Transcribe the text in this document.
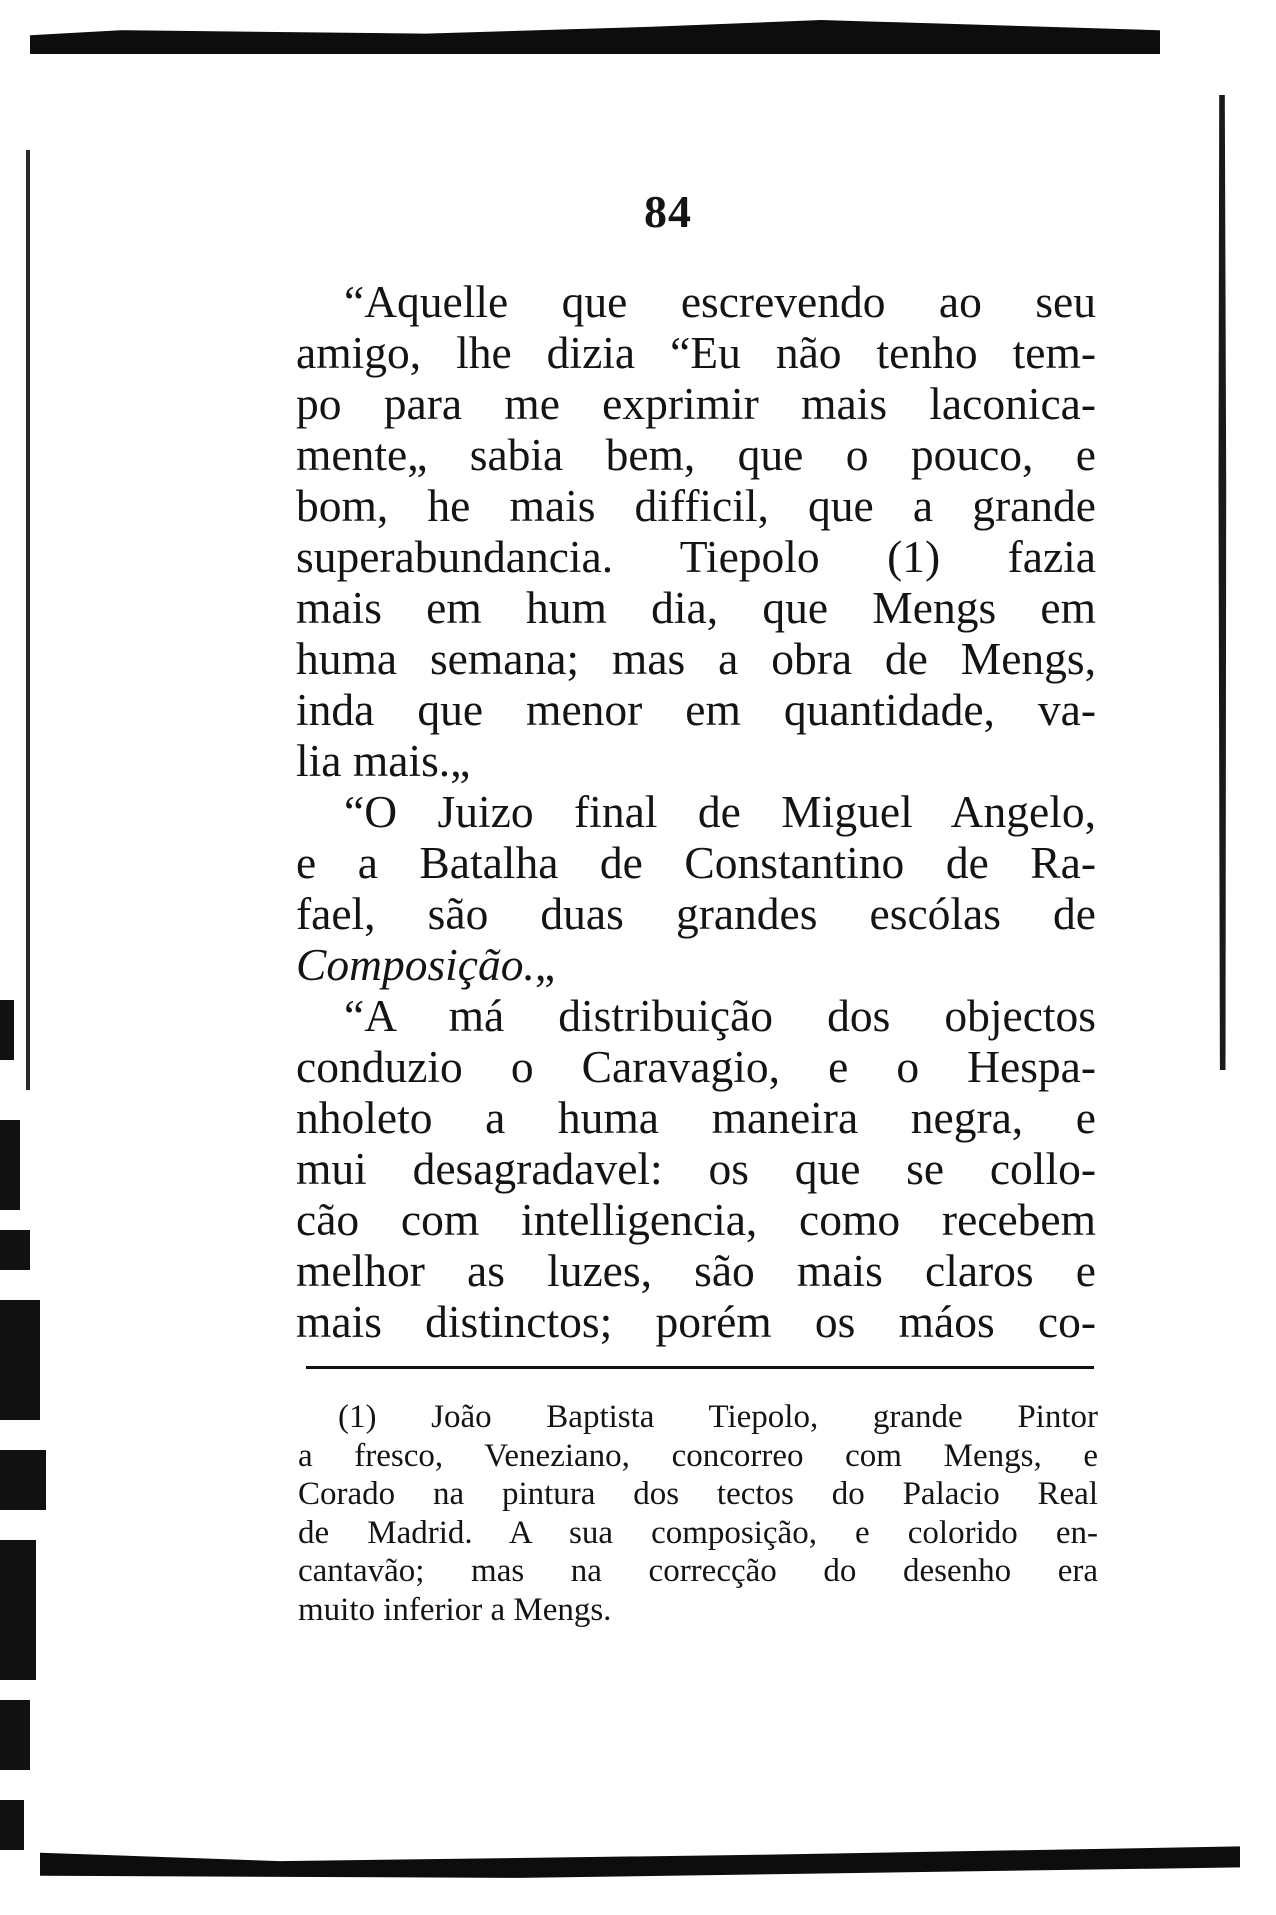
84
“Aquelle que escrevendo ao seu
amigo, lhe dizia “Eu não tenho tem-
po para me exprimir mais laconica-
mente„ sabia bem, que o pouco, e
bom, he mais difficil, que a grande
superabundancia. Tiepolo (1) fazia
mais em hum dia, que Mengs em
huma semana; mas a obra de Mengs,
inda que menor em quantidade, va-
lia mais.„
“O Juizo final de Miguel Angelo,
e a Batalha de Constantino de Ra-
fael, são duas grandes escólas de
Composição.„
“A má distribuição dos objectos
conduzio o Caravagio, e o Hespa-
nholeto a huma maneira negra, e
mui desagradavel: os que se collo-
cão com intelligencia, como recebem
melhor as luzes, são mais claros e
mais distinctos; porém os máos co-
(1) João Baptista Tiepolo, grande Pintor
a fresco, Veneziano, concorreo com Mengs, e
Corado na pintura dos tectos do Palacio Real
de Madrid. A sua composição, e colorido en-
cantavão; mas na correcção do desenho era
muito inferior a Mengs.
